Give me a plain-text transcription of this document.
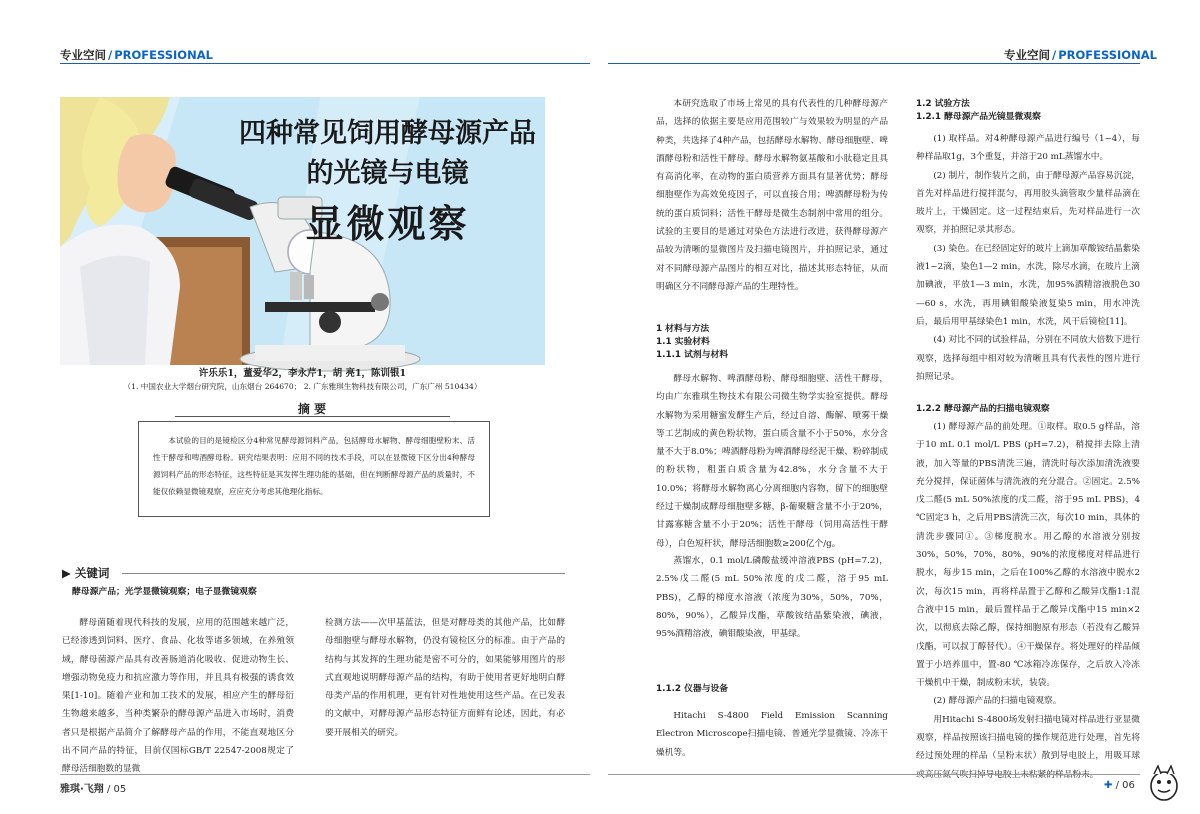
专业空间 / PROFESSIONAL	专业空间 / PROFESSIONAL
四种常见饲用酵母源产品
的光镜与电镜
显微观察
许乐乐1，董爱华2，李永芹1，胡 亮1，陈训银1
（1. 中国农业大学烟台研究院，山东烟台 264670； 2. 广东雅琪生物科技有限公司，广东广州 510434）
摘 要

本试验的目的是镜检区分4种常见酵母源饲料产品，包括酵母水解物、酵母细胞壁粉末、活性干酵母和啤酒酵母粉。研究结果表明：应用不同的技术手段，可以在显微镜下区分出4种酵母源饲料产品的形态特征，这些特征是其发挥生理功能的基础，但在判断酵母源产品的质量时，不能仅依赖显微镜观察，应应充分考虑其他理化指标。

▶ 关键词
酵母源产品；光学显微镜观察；电子显微镜观察

酵母菌随着现代科技的发展，应用的范围越来越广泛，已经渗透到饲料、医疗、食品、化妆等诸多领域，在养殖领域，酵母菌源产品具有改善肠道消化吸收、促进动物生长、增强动物免疫力和抗应激力等作用，并且具有极强的诱食效果[1-10]。随着产业和加工技术的发展，相应产生的酵母衍生物越来越多，当种类繁杂的酵母源产品进入市场时，消费者只是根据产品简介了解酵母产品的作用，不能直观地区分出不同产品的特征，目前仅国标GB/T 22547-2008规定了酵母活细胞数的显微

检测方法——次甲基蓝法，但是对酵母类的其他产品，比如酵母细胞壁与酵母水解物，仍没有镜检区分的标准。由于产品的结构与其发挥的生理功能是密不可分的，如果能够用图片的形式直观地说明酵母源产品的结构，有助于使用者更好地明白酵母类产品的作用机理，更有针对性地使用这些产品。在已发表的文献中，对酵母源产品形态特征方面鲜有论述，因此，有必要开展相关的研究。

本研究选取了市场上常见的具有代表性的几种酵母源产品，选择的依据主要是应用范围较广与效果较为明显的产品种类，共选择了4种产品，包括酵母水解物、酵母细胞壁、啤酒酵母粉和活性干酵母。酵母水解物氨基酸和小肽稳定且具有高消化率，在动物的蛋白质营养方面具有显著优势；酵母细胞壁作为高效免疫因子，可以直接合用；啤酒酵母粉为传统的蛋白质饲料；活性干酵母是微生态制剂中常用的组分。试验的主要目的是通过对染色方法进行改进，获得酵母源产品较为清晰的显微图片及扫描电镜图片，并拍照记录，通过对不同酵母源产品图片的相互对比，描述其形态特征，从而明确区分不同酵母源产品的生理特性。

1 材料与方法

1.1 实验材料

1.1.1 试剂与材料

酵母水解物、啤酒酵母粉、酵母细胞壁、活性干酵母，均由广东雅琪生物技术有限公司微生物学实验室提供。酵母水解物为采用糖蜜发酵生产后，经过自溶、酶解、喷雾干燥等工艺制成的黄色粉状物，蛋白质含量不小于50%，水分含量不大于8.0%；啤酒酵母粉为啤酒酵母经泥干燥、粉碎制成的粉状物，粗蛋白质含量为42.8%，水分含量不大于10.0%；将酵母水解物离心分离细胞内容物，留下的细胞壁经过干燥制成酵母细胞壁多糖，β-葡聚糖含量不小于20%，甘露寡糖含量不小于20%；活性干酵母（饲用高活性干酵母），白色短杆状，酵母活细胞数≥200亿个/g。

蒸馏水，0.1 mol/L磷酸盐缓冲溶液PBS (pH=7.2)，2.5%戊二醛(5 mL 50%浓度的戊二醛，溶于95 mL PBS)，乙醇的梯度水溶液（浓度为30%，50%，70%，80%，90%），乙酸异戊酯，草酸铵结晶紫染液，碘液，95%酒精溶液，碘钼酸染液，甲基绿。

1.1.2 仪器与设备

Hitachi S-4800 Field Emission Scanning Electron Microscope扫描电镜、普通光学显微镜、冷冻干燥机等。

1.2 试验方法

1.2.1 酵母源产品光镜显微观察

(1) 取样品。对4种酵母源产品进行编号（1~4），每种样品取1g，3个重复，并溶于20 mL蒸馏水中。

(2) 制片，制作装片之前，由于酵母源产品容易沉淀，首先对样品进行搅拌混匀，再用胶头滴管取少量样品滴在玻片上，干燥固定。这一过程结束后，先对样品进行一次观察，并拍照记录其形态。

(3) 染色。在已经固定好的玻片上滴加草酸铵结晶紫染液1~2滴，染色1—2 min，水洗，除尽水滴，在玻片上滴加碘液，平放1—3 min，水洗，加95%酒精溶液脱色30—60 s，水洗，再用碘钼酸染液复染5 min，用水冲洗后，最后用甲基绿染色1 min，水洗，风干后镜检[11]。

(4) 对比不同的试验样品，分别在不同放大倍数下进行观察，选择每组中相对较为清晰且具有代表性的图片进行拍照记录。

1.2.2 酵母源产品的扫描电镜观察

(1) 酵母源产品的前处理。①取样。取0.5 g样品，溶于10 mL 0.1 mol/L PBS (pH=7.2)，稍搅拌去除上清液，加入等量的PBS清洗三遍，清洗时每次添加清洗液要充分搅拌，保证菌体与清洗液的充分混合。②固定。2.5%戊二醛(5 mL 50%浓度的戊二醛，溶于95 mL PBS)，4 ℃固定3 h，之后用PBS清洗三次，每次10 min，具体的清洗步骤同①。③梯度脱水。用乙醇的水溶液分别按30%，50%，70%，80%，90%的浓度梯度对样品进行脱水，每步15 min，之后在100%乙醇的水溶液中脱水2次，每次15 min，再将样品置于乙醇和乙酸异戊酯1:1混合液中15 min，最后置样品于乙酸异戊酯中15 min×2次，以彻底去除乙醇，保持细胞原有形态（若没有乙酸异戊酯，可以叔丁醇替代）。④干燥保存。将处理好的样品倾置于小培养皿中，置-80 ℃冰箱冷冻保存，之后放入冷冻干燥机中干燥，制成粉末状，装袋。

(2) 酵母源产品的扫描电镜观察。

用Hitachi S-4800场发射扫描电镜对样品进行亚显微观察，样品按照该扫描电镜的操作规范进行处理，首先将经过预处理的样品（呈粉末状）散到导电胶上，用吸耳球

雅琪·飞翔 / 05	✚ / 06
